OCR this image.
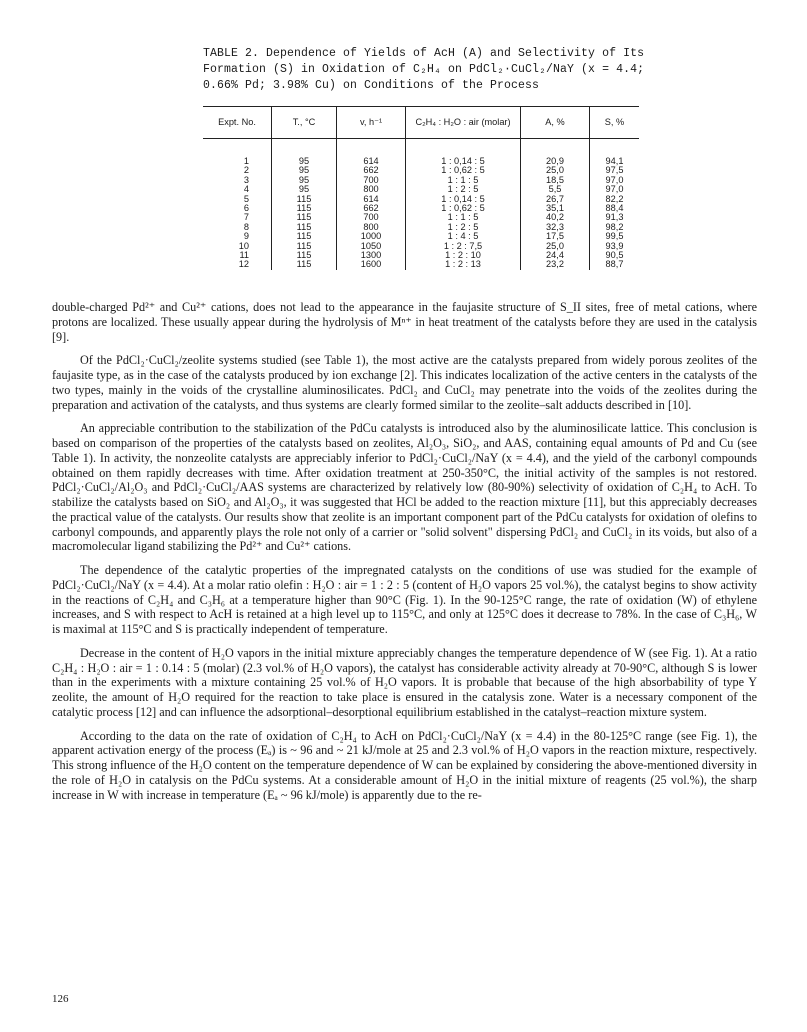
TABLE 2. Dependence of Yields of AcH (A) and Selectivity of Its Formation (S) in Oxidation of C₂H₄ on PdCl₂·CuCl₂/NaY (x = 4.4; 0.66% Pd; 3.98% Cu) on Conditions of the Process
Expt. No.	T., °C	v, h⁻¹	C₂H₄ : H₂O : air (molar)	A, %	S, %
1	95	614	1 : 0,14 : 5	20,9	94,1
2	95	662	1 : 0,62 : 5	25,0	97,5
3	95	700	1 : 1 : 5	18,5	97,0
4	95	800	1 : 2 : 5	5,5	97,0
5	115	614	1 : 0,14 : 5	26,7	82,2
6	115	662	1 : 0,62 : 5	35,1	88,4
7	115	700	1 : 1 : 5	40,2	91,3
8	115	800	1 : 2 : 5	32,3	98,2
9	115	1000	1 : 4 : 5	17,5	99,5
10	115	1050	1 : 2 : 7,5	25,0	93,9
11	115	1300	1 : 2 : 10	24,4	90,5
12	115	1600	1 : 2 : 13	23,2	88,7

double-charged Pd²⁺ and Cu²⁺ cations, does not lead to the appearance in the faujasite structure of S_II sites, free of metal cations, where protons are localized. These usually appear during the hydrolysis of Mⁿ⁺ in heat treatment of the catalysts before they are used in the catalysis [9].

Of the PdCl₂·CuCl₂/zeolite systems studied (see Table 1), the most active are the catalysts prepared from widely porous zeolites of the faujasite type, as in the case of the catalysts produced by ion exchange [2]. This indicates localization of the active centers in the catalysts of the two types, mainly in the voids of the crystalline aluminosilicates. PdCl₂ and CuCl₂ may penetrate into the voids of the zeolites during the preparation and activation of the catalysts, and thus systems are clearly formed similar to the zeolite–salt adducts described in [10].

An appreciable contribution to the stabilization of the PdCu catalysts is introduced also by the aluminosilicate lattice. This conclusion is based on comparison of the properties of the catalysts based on zeolites, Al₂O₃, SiO₂, and AAS, containing equal amounts of Pd and Cu (see Table 1). In activity, the nonzeolite catalysts are appreciably inferior to PdCl₂·CuCl₂/NaY (x = 4.4), and the yield of the carbonyl compounds obtained on them rapidly decreases with time. After oxidation treatment at 250-350°C, the initial activity of the samples is not restored. PdCl₂·CuCl₂/Al₂O₃ and PdCl₂·CuCl₂/AAS systems are characterized by relatively low (80-90%) selectivity of oxidation of C₂H₄ to AcH. To stabilize the catalysts based on SiO₂ and Al₂O₃, it was suggested that HCl be added to the reaction mixture [11], but this appreciably decreases the practical value of the catalysts. Our results show that zeolite is an important component part of the PdCu catalysts for oxidation of olefins to carbonyl compounds, and apparently plays the role not only of a carrier or "solid solvent" dispersing PdCl₂ and CuCl₂ in its voids, but also of a macromolecular ligand stabilizing the Pd²⁺ and Cu²⁺ cations.

The dependence of the catalytic properties of the impregnated catalysts on the conditions of use was studied for the example of PdCl₂·CuCl₂/NaY (x = 4.4). At a molar ratio olefin : H₂O : air = 1 : 2 : 5 (content of H₂O vapors 25 vol.%), the catalyst begins to show activity in the reactions of C₂H₄ and C₃H₆ at a temperature higher than 90°C (Fig. 1). In the 90-125°C range, the rate of oxidation (W) of ethylene increases, and S with respect to AcH is retained at a high level up to 115°C, and only at 125°C does it decrease to 78%. In the case of C₃H₆, W is maximal at 115°C and S is practically independent of temperature.

Decrease in the content of H₂O vapors in the initial mixture appreciably changes the temperature dependence of W (see Fig. 1). At a ratio C₂H₄ : H₂O : air = 1 : 0.14 : 5 (molar) (2.3 vol.% of H₂O vapors), the catalyst has considerable activity already at 70-90°C, although S is lower than in the experiments with a mixture containing 25 vol.% of H₂O vapors. It is probable that because of the high absorbability of type Y zeolite, the amount of H₂O required for the reaction to take place is ensured in the catalysis zone. Water is a necessary component of the catalytic process [12] and can influence the adsorptional–desorptional equilibrium established in the catalyst–reaction mixture system.

According to the data on the rate of oxidation of C₂H₄ to AcH on PdCl₂·CuCl₂/NaY (x = 4.4) in the 80-125°C range (see Fig. 1), the apparent activation energy of the process (Eₐ) is ~ 96 and ~ 21 kJ/mole at 25 and 2.3 vol.% of H₂O vapors in the reaction mixture, respectively. This strong influence of the H₂O content on the temperature dependence of W can be explained by considering the above-mentioned diversity in the role of H₂O in catalysis on the PdCu systems. At a considerable amount of H₂O in the initial mixture of reagents (25 vol.%), the sharp increase in W with increase in temperature (Eₐ ~ 96 kJ/mole) is apparently due to the re-

126
